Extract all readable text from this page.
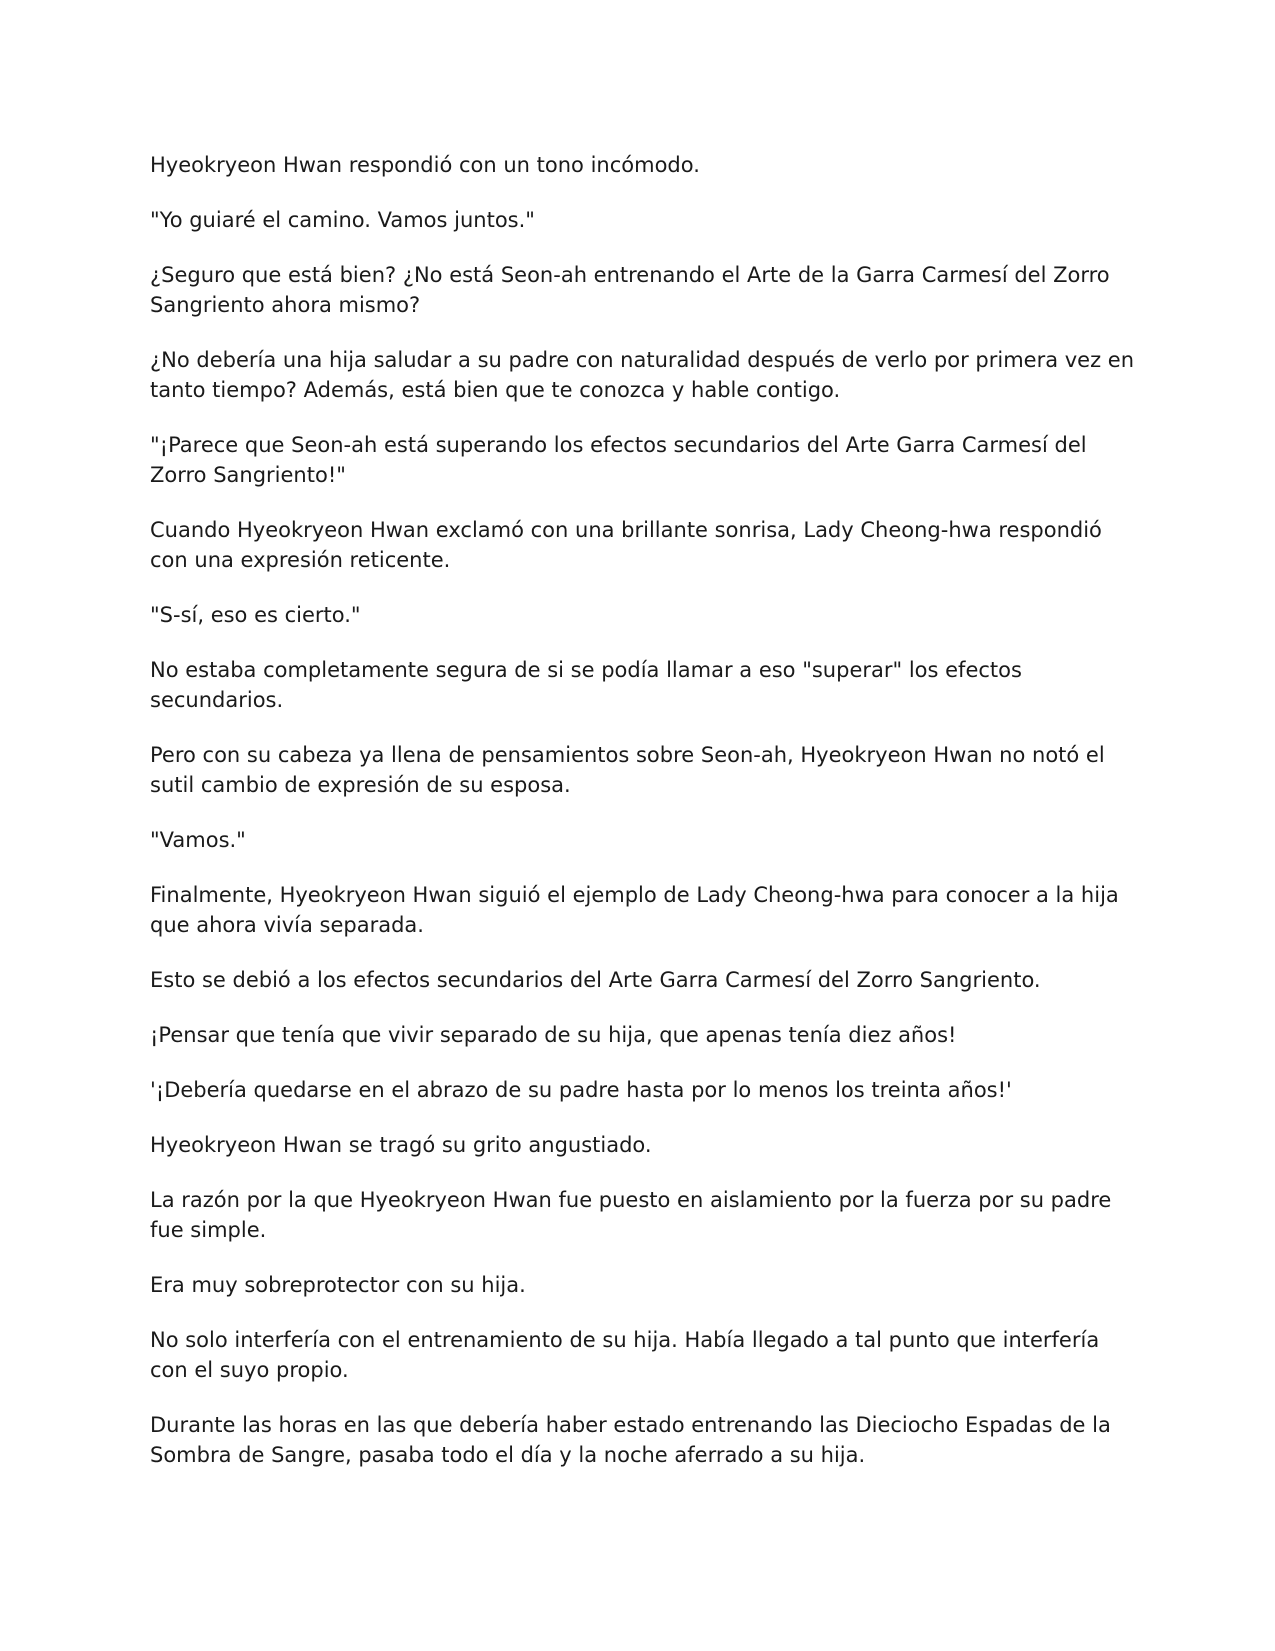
Hyeokryeon Hwan respondió con un tono incómodo.

"Yo guiaré el camino. Vamos juntos."

¿Seguro que está bien? ¿No está Seon-ah entrenando el Arte de la Garra Carmesí del Zorro Sangriento ahora mismo?

¿No debería una hija saludar a su padre con naturalidad después de verlo por primera vez en tanto tiempo? Además, está bien que te conozca y hable contigo.

"¡Parece que Seon-ah está superando los efectos secundarios del Arte Garra Carmesí del Zorro Sangriento!"

Cuando Hyeokryeon Hwan exclamó con una brillante sonrisa, Lady Cheong-hwa respondió con una expresión reticente.

"S-sí, eso es cierto."

No estaba completamente segura de si se podía llamar a eso "superar" los efectos secundarios.

Pero con su cabeza ya llena de pensamientos sobre Seon-ah, Hyeokryeon Hwan no notó el sutil cambio de expresión de su esposa.

"Vamos."

Finalmente, Hyeokryeon Hwan siguió el ejemplo de Lady Cheong-hwa para conocer a la hija que ahora vivía separada.

Esto se debió a los efectos secundarios del Arte Garra Carmesí del Zorro Sangriento.

¡Pensar que tenía que vivir separado de su hija, que apenas tenía diez años!

'¡Debería quedarse en el abrazo de su padre hasta por lo menos los treinta años!'

Hyeokryeon Hwan se tragó su grito angustiado.

La razón por la que Hyeokryeon Hwan fue puesto en aislamiento por la fuerza por su padre fue simple.

Era muy sobreprotector con su hija.

No solo interfería con el entrenamiento de su hija. Había llegado a tal punto que interfería con el suyo propio.

Durante las horas en las que debería haber estado entrenando las Dieciocho Espadas de la Sombra de Sangre, pasaba todo el día y la noche aferrado a su hija.
